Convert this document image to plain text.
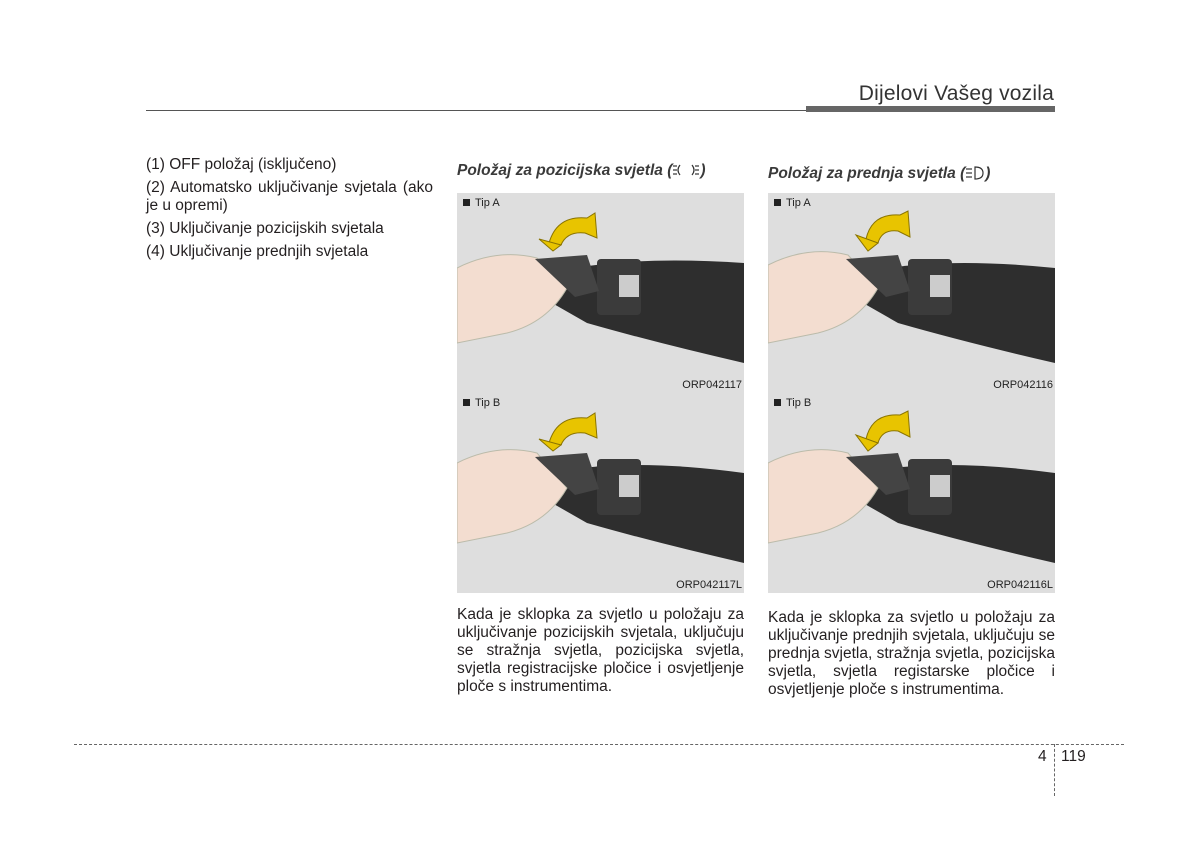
Dijelovi Vašeg vozila
(1) OFF položaj (isključeno)
(2) Automatsko uključivanje svjetala (ako je u opremi)
(3) Uključivanje pozicijskih svjetala
(4) Uključivanje prednjih svjetala
Položaj za pozicijska svjetla ( )
Tip A
ORP042117
Tip B
ORP042117L
Kada je sklopka za svjetlo u položaju za uključivanje pozicijskih svjetala, uključuju se stražnja svjetla, pozicijska svjetla, svjetla registracijske pločice i osvjetljenje ploče s instrumentima.
Položaj za prednja svjetla ( )
Tip A
ORP042116
Tip B
ORP042116L
Kada je sklopka za svjetlo u položaju za uključivanje prednjih svjetala, uključuju se prednja svjetla, stražnja svjetla, pozicijska svjetla, svjetla registarske pločice i osvjetljenje ploče s instrumentima.
4 119
